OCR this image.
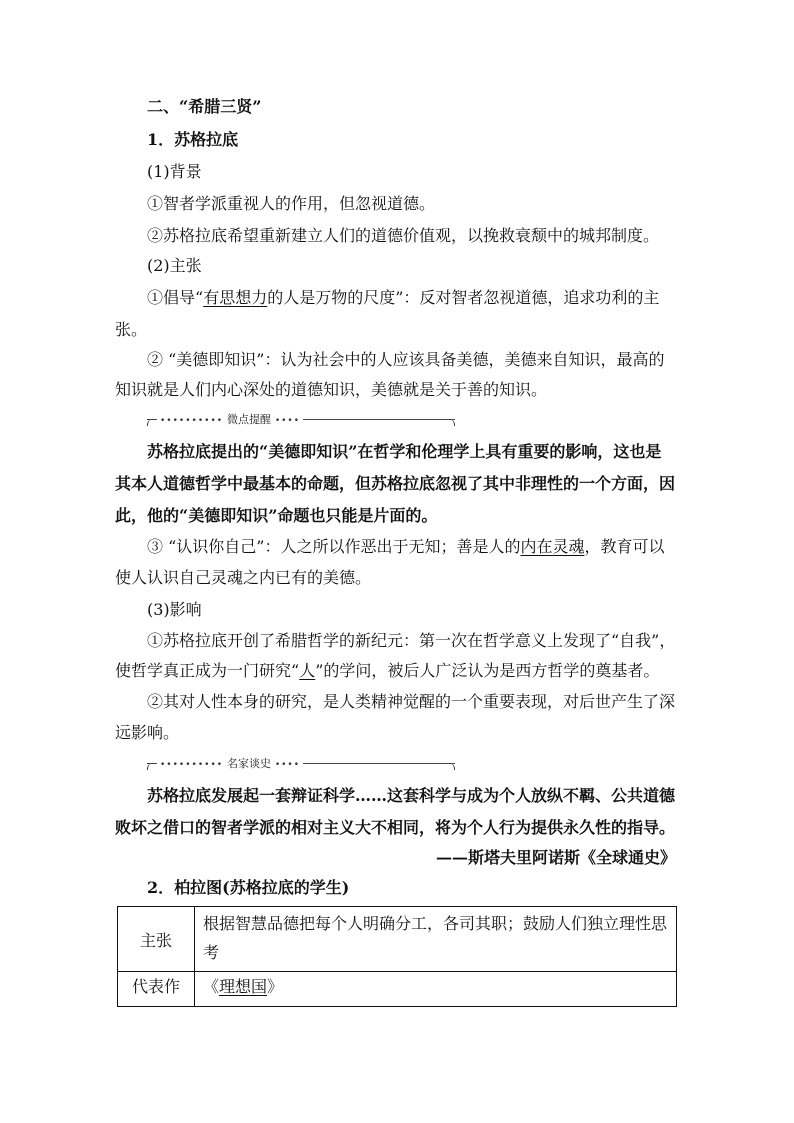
二、“希腊三贤”
1．苏格拉底
(1)背景
①智者学派重视人的作用，但忽视道德。
②苏格拉底希望重新建立人们的道德价值观，以挽救衰颓中的城邦制度。
(2)主张
①倡导“有思想力的人是万物的尺度”：反对智者忽视道德，追求功利的主
张。
② “美德即知识”：认为社会中的人应该具备美德，美德来自知识，最高的
知识就是人们内心深处的道德知识，美德就是关于善的知识。
•••••••••• 微点提醒 ••••
苏格拉底提出的“美德即知识”在哲学和伦理学上具有重要的影响，这也是
其本人道德哲学中最基本的命题，但苏格拉底忽视了其中非理性的一个方面，因
此，他的“美德即知识”命题也只能是片面的。
③ “认识你自己”：人之所以作恶出于无知；善是人的内在灵魂，教育可以
使人认识自己灵魂之内已有的美德。
(3)影响
①苏格拉底开创了希腊哲学的新纪元：第一次在哲学意义上发现了“自我”，
使哲学真正成为一门研究“人”的学问，被后人广泛认为是西方哲学的奠基者。
②其对人性本身的研究，是人类精神觉醒的一个重要表现，对后世产生了深
远影响。
•••••••••• 名家谈史 ••••
苏格拉底发展起一套辩证科学……这套科学与成为个人放纵不羁、公共道德
败坏之借口的智者学派的相对主义大不相同，将为个人行为提供永久性的指导。
——斯塔夫里阿诺斯《全球通史》
2．柏拉图(苏格拉底的学生)
主张	根据智慧品德把每个人明确分工，各司其职；鼓励人们独立理性思考
代表作	《理想国》
